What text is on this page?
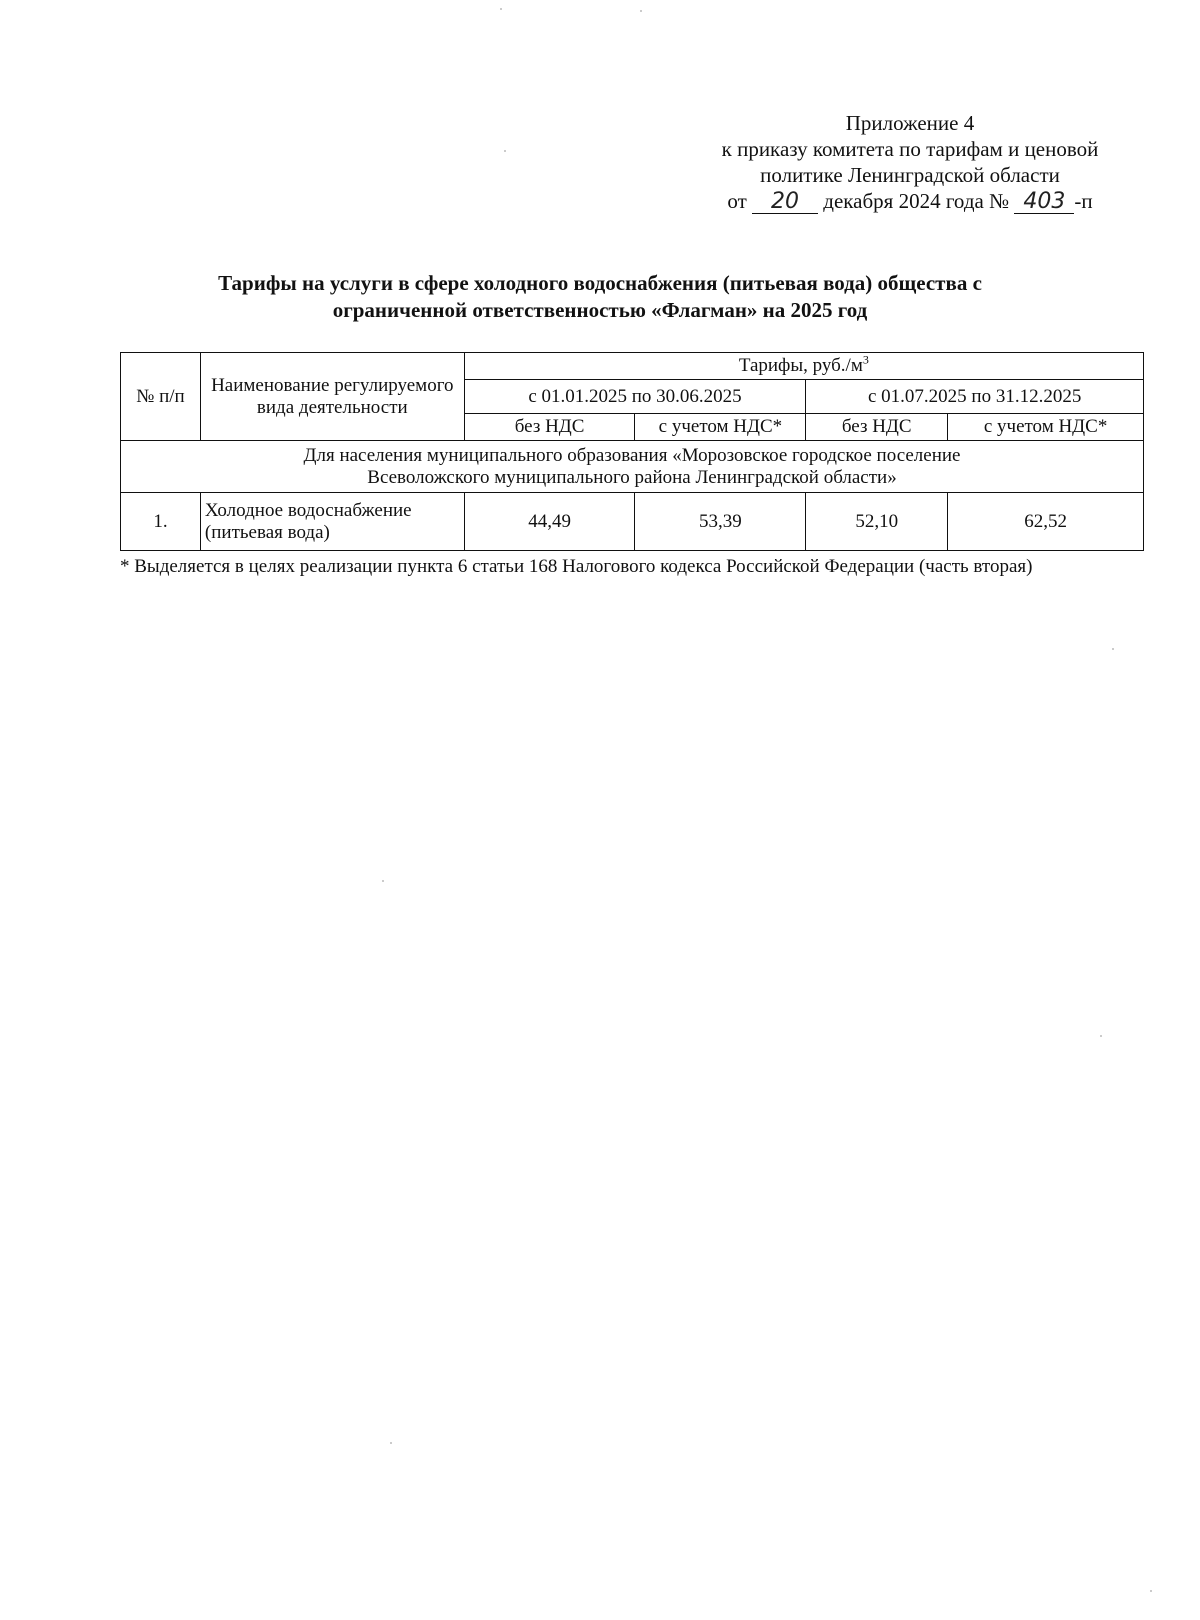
Приложение 4
к приказу комитета по тарифам и ценовой
политике Ленинградской области
от 20 декабря 2024 года № 403 -п
Тарифы на услуги в сфере холодного водоснабжения (питьевая вода) общества с
ограниченной ответственностью «Флагман» на 2025 год
№ п/п	Наименование регулируемого вида деятельности	Тарифы, $руб./м^3$
		с 01.01.2025 по 30.06.2025		с 01.07.2025 по 31.12.2025	
		без НДС	с учетом НДС*	без НДС	с учетом НДС*

Для населения муниципального образования «Морозовское городское поселение
Всеволожского муниципального района Ленинградской области»					

1.	Холодное водоснабжение (питьевая вода)	44,49	53,39	52,10	62,52
* Выделяется в целях реализации пункта 6 статьи 168 Налогового кодекса Российской Федерации (часть вторая)
